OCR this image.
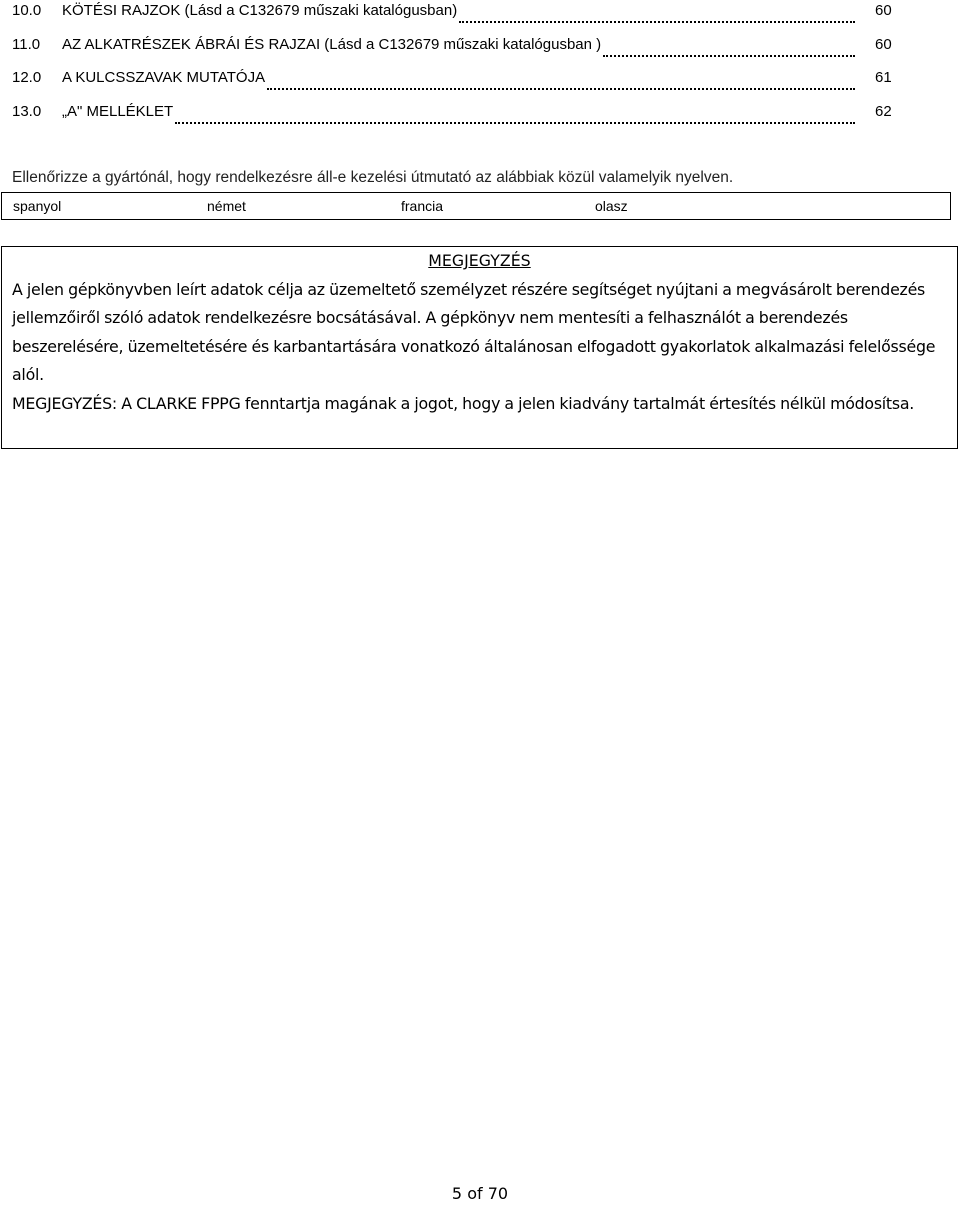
10.0	KÖTÉSI RAJZOK (Lásd a C132679 műszaki katalógusban)	60
11.0	AZ ALKATRÉSZEK ÁBRÁI ÉS RAJZAI (Lásd a C132679 műszaki katalógusban )	60
12.0	A KULCSSZAVAK MUTATÓJA	61
13.0	„A" MELLÉKLET	62
Ellenőrizze a gyártónál, hogy rendelkezésre áll-e kezelési útmutató az alábbiak közül valamelyik nyelven.
spanyol	német	francia	olasz
MEGJEGYZÉS
A jelen gépkönyvben leírt adatok célja az üzemeltető személyzet részére segítséget nyújtani a megvásárolt berendezés jellemzőiről szóló adatok rendelkezésre bocsátásával. A gépkönyv nem mentesíti a felhasználót a berendezés beszerelésére, üzemeltetésére és karbantartására vonatkozó általánosan elfogadott gyakorlatok alkalmazási felelőssége alól.
MEGJEGYZÉS: A CLARKE FPPG fenntartja magának a jogot, hogy a jelen kiadvány tartalmát értesítés nélkül módosítsa.
5 of 70
